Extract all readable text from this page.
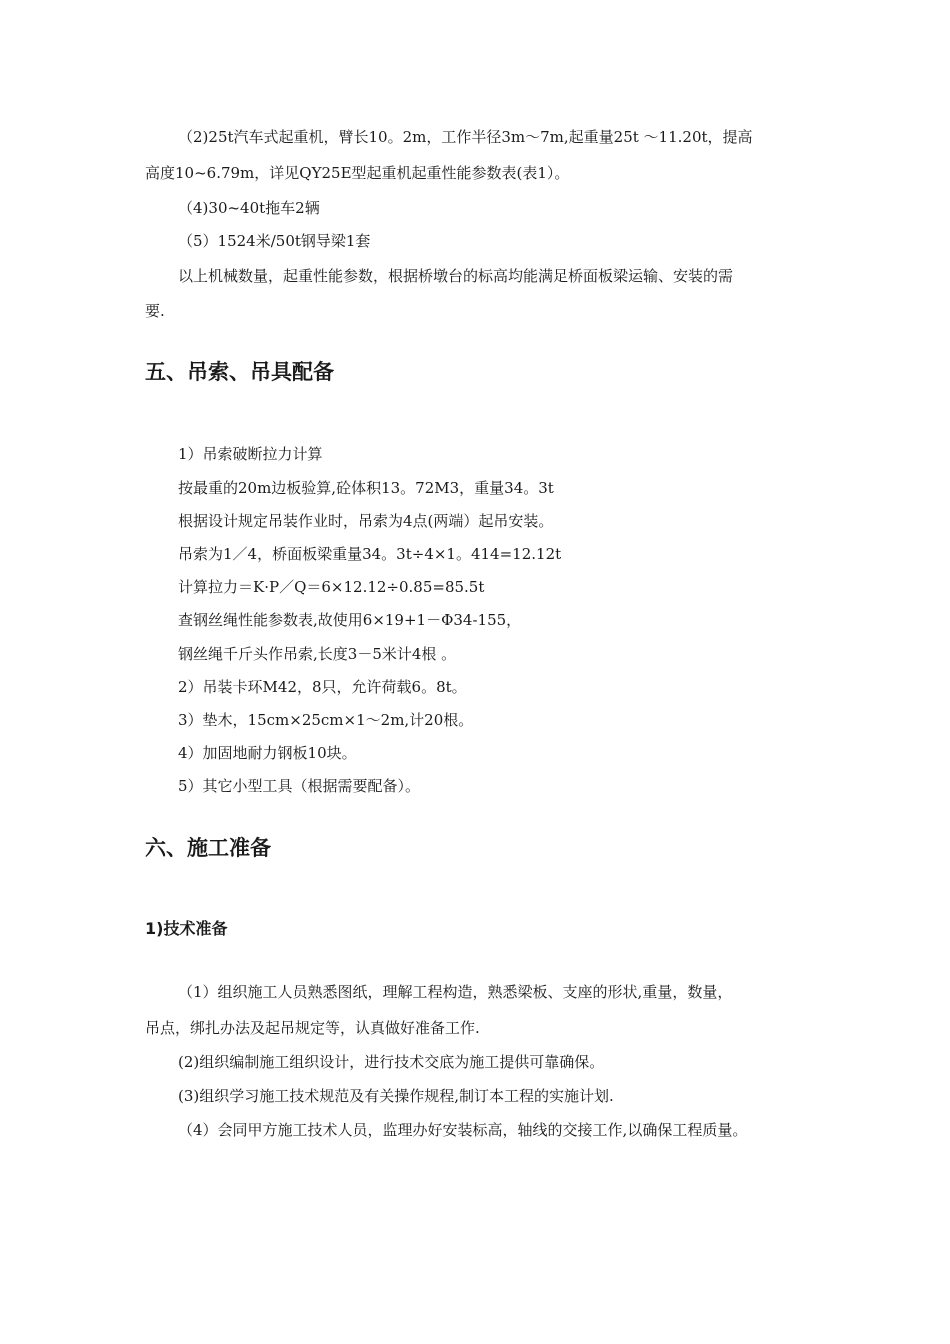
（2)25t汽车式起重机，臂长10。2m，工作半径3m～7m,起重量25t ～11.20t，提高
高度10~6.79m，详见QY25E型起重机起重性能参数表(表1）。
（4)30~40t拖车2辆
（5）1524米/50t钢导梁1套
以上机械数量，起重性能参数，根据桥墩台的标高均能满足桥面板梁运输、安装的需
要.
五、吊索、吊具配备
1）吊索破断拉力计算
按最重的20m边板验算,砼体积13。72M3，重量34。3t
根据设计规定吊装作业时，吊索为4点(两端）起吊安装。
吊索为1／4，桥面板梁重量34。3t÷4×1。414=12.12t
计算拉力＝K·P／Q＝6×12.12÷0.85=85.5t
查钢丝绳性能参数表,故使用6×19+1－Φ34-155，
钢丝绳千斤头作吊索,长度3－5米计4根 。
2）吊装卡环M42，8只，允许荷载6。8t。
3）垫木，15cm×25cm×1～2m,计20根。
4）加固地耐力钢板10块。
5）其它小型工具（根据需要配备）。
六、施工准备
1)技术准备
（1）组织施工人员熟悉图纸，理解工程构造，熟悉梁板、支座的形状,重量，数量，
吊点，绑扎办法及起吊规定等，认真做好准备工作.
(2)组织编制施工组织设计，进行技术交底为施工提供可靠确保。
(3)组织学习施工技术规范及有关操作规程,制订本工程的实施计划.
（4）会同甲方施工技术人员，监理办好安装标高，轴线的交接工作,以确保工程质量。
